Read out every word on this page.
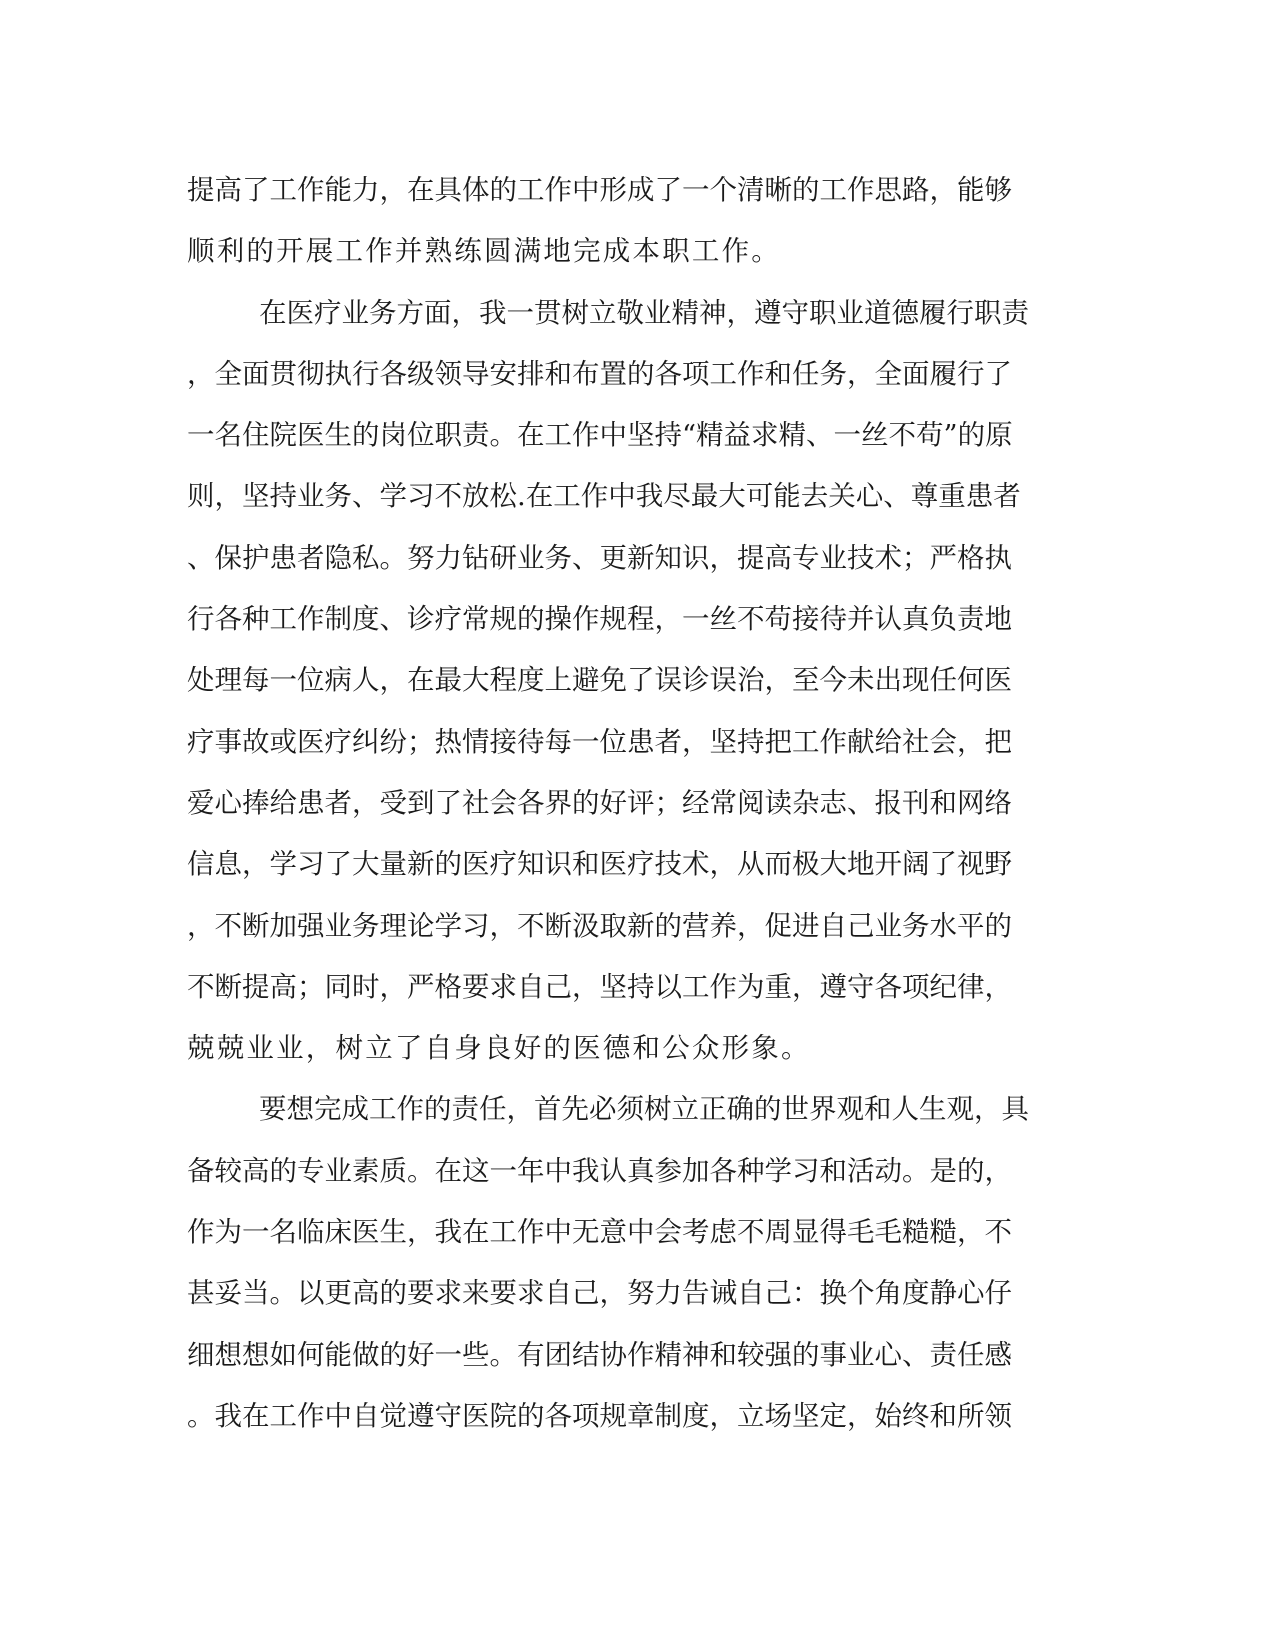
提高了工作能力，在具体的工作中形成了一个清晰的工作思路，能够
顺利的开展工作并熟练圆满地完成本职工作。
在医疗业务方面，我一贯树立敬业精神，遵守职业道德履行职责
，全面贯彻执行各级领导安排和布置的各项工作和任务，全面履行了
一名住院医生的岗位职责。在工作中坚持“精益求精、一丝不苟”的原
则，坚持业务、学习不放松.在工作中我尽最大可能去关心、尊重患者
、保护患者隐私。努力钻研业务、更新知识，提高专业技术；严格执
行各种工作制度、诊疗常规的操作规程，一丝不苟接待并认真负责地
处理每一位病人，在最大程度上避免了误诊误治，至今未出现任何医
疗事故或医疗纠纷；热情接待每一位患者，坚持把工作献给社会，把
爱心捧给患者，受到了社会各界的好评；经常阅读杂志、报刊和网络
信息，学习了大量新的医疗知识和医疗技术，从而极大地开阔了视野
，不断加强业务理论学习，不断汲取新的营养，促进自己业务水平的
不断提高；同时，严格要求自己，坚持以工作为重，遵守各项纪律，
兢兢业业，树立了自身良好的医德和公众形象。
要想完成工作的责任，首先必须树立正确的世界观和人生观，具
备较高的专业素质。在这一年中我认真参加各种学习和活动。是的，
作为一名临床医生，我在工作中无意中会考虑不周显得毛毛糙糙，不
甚妥当。以更高的要求来要求自己，努力告诫自己：换个角度静心仔
细想想如何能做的好一些。有团结协作精神和较强的事业心、责任感
。我在工作中自觉遵守医院的各项规章制度，立场坚定，始终和所领
